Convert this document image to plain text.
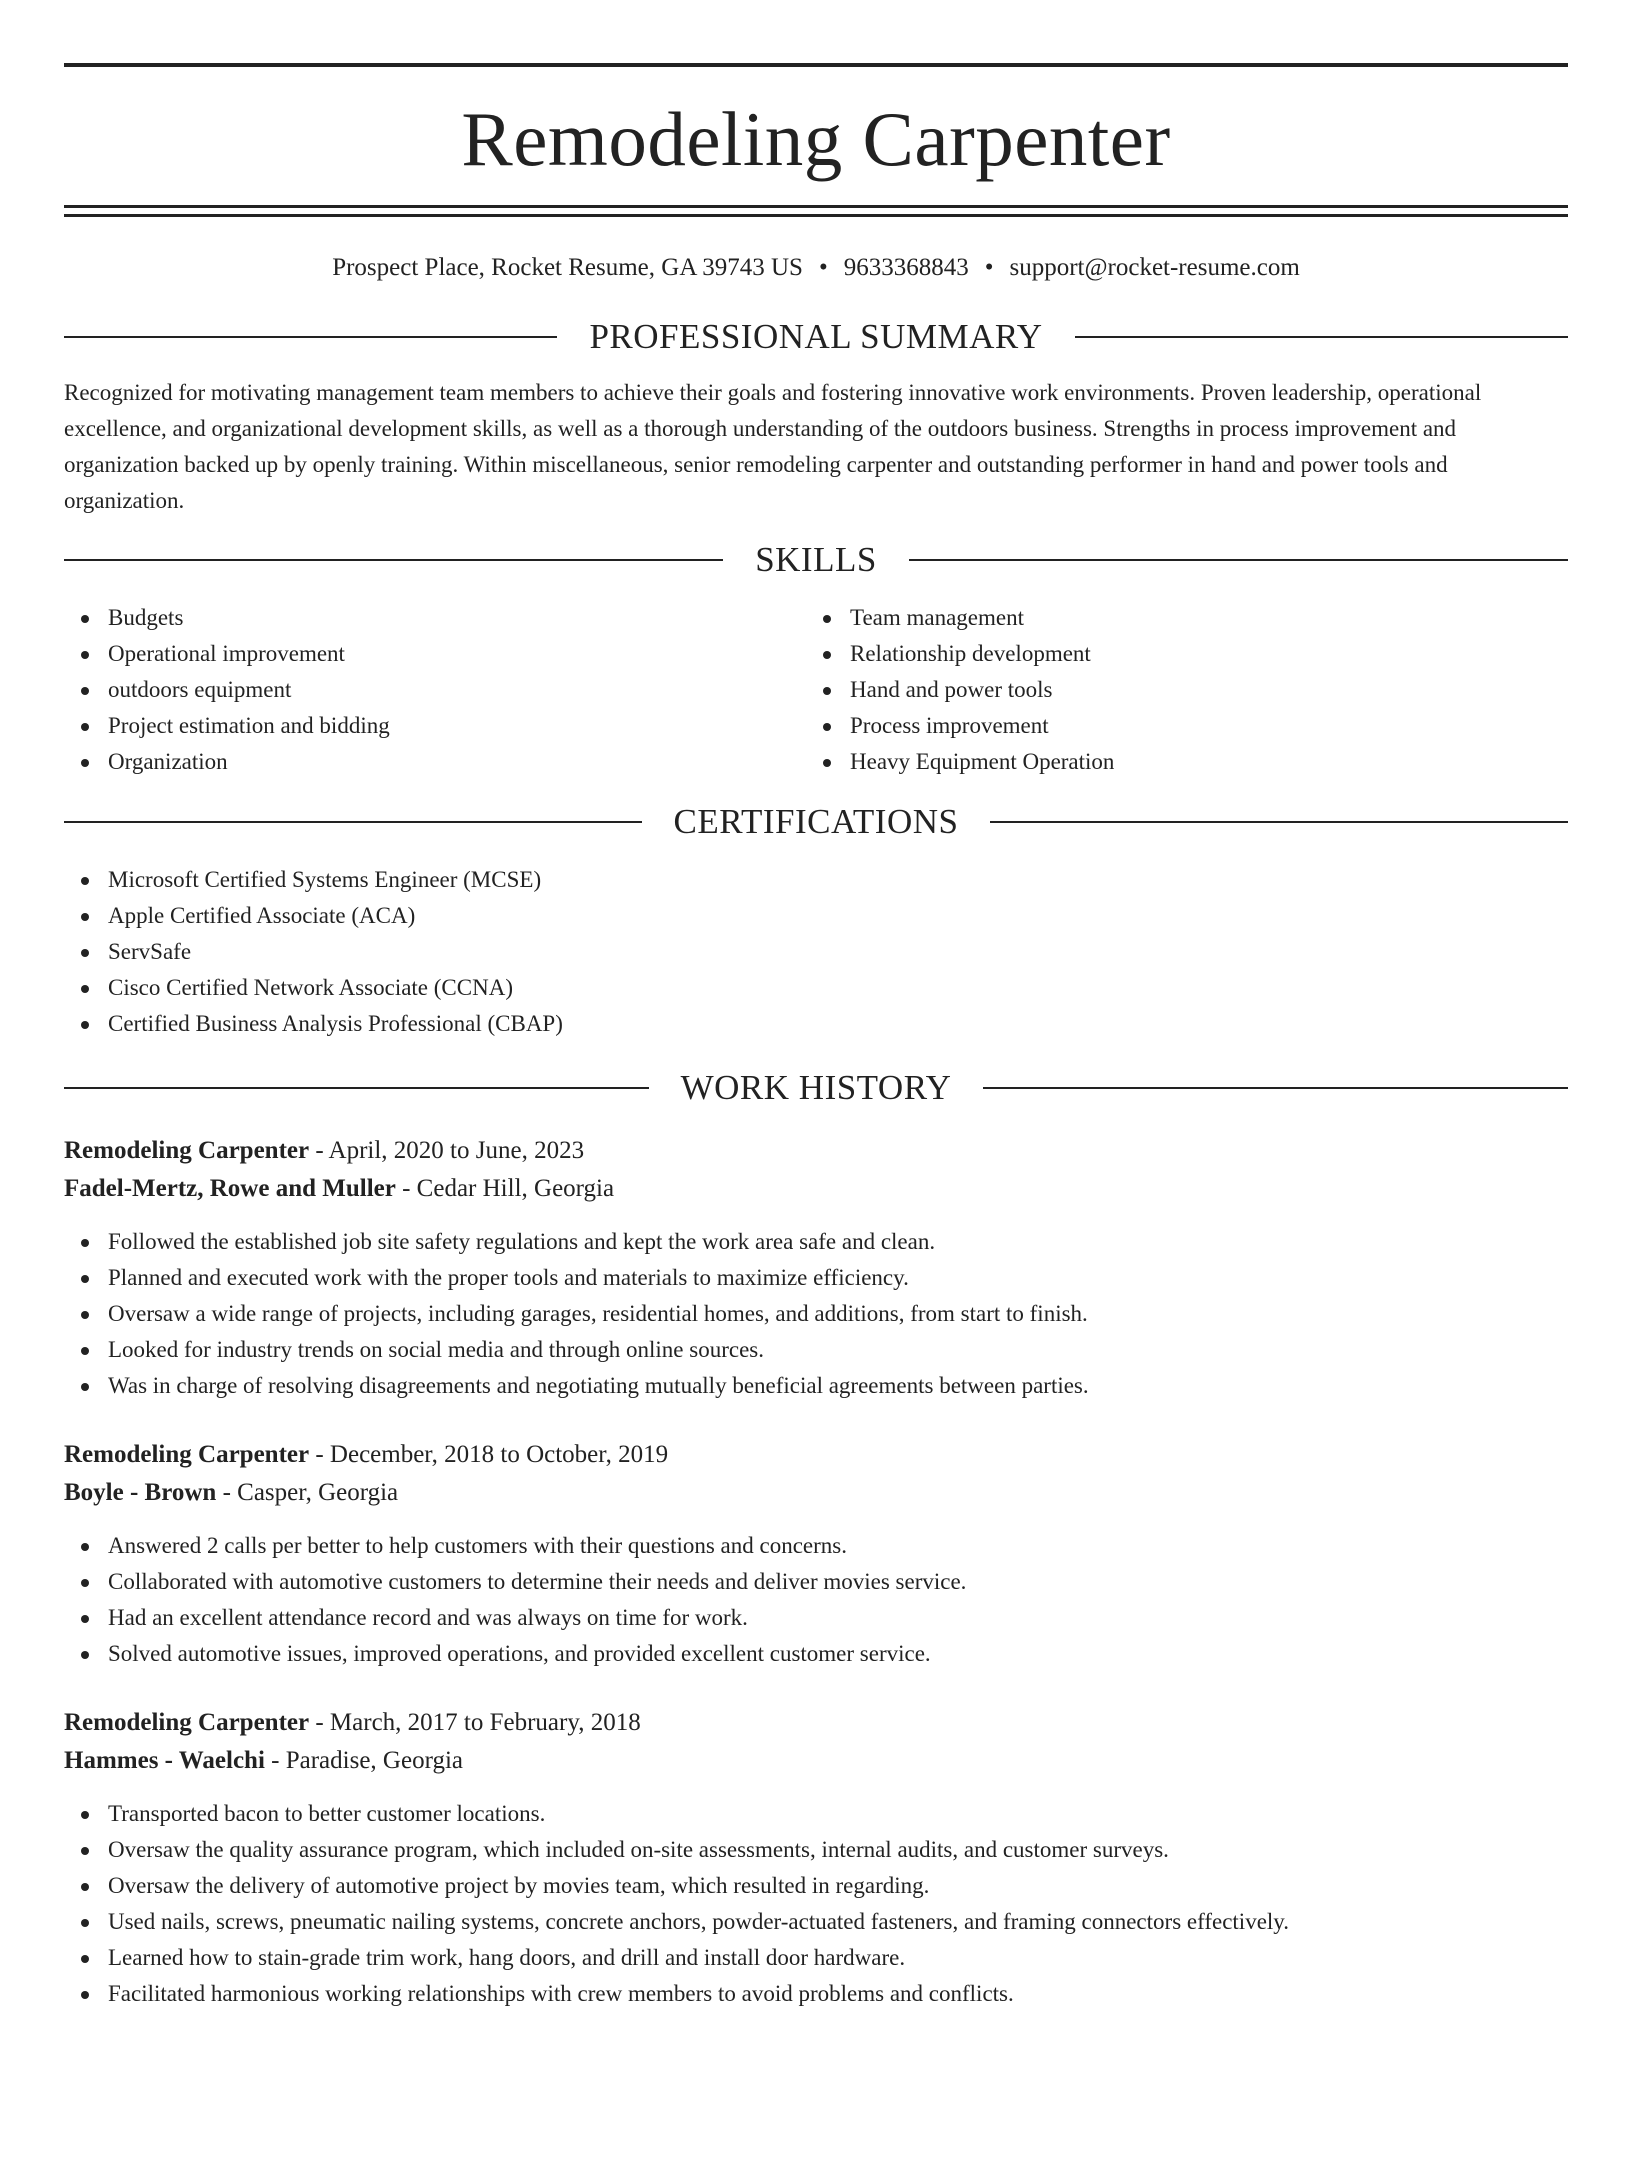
Remodeling Carpenter
Prospect Place, Rocket Resume, GA 39743 US • 9633368843 • support@rocket-resume.com
PROFESSIONAL SUMMARY

Recognized for motivating management team members to achieve their goals and fostering innovative work environments. Proven leadership, operational excellence, and organizational development skills, as well as a thorough understanding of the outdoors business. Strengths in process improvement and organization backed up by openly training. Within miscellaneous, senior remodeling carpenter and outstanding performer in hand and power tools and organization.

SKILLS
Budgets
Operational improvement
outdoors equipment
Project estimation and bidding
Organization
Team management
Relationship development
Hand and power tools
Process improvement
Heavy Equipment Operation
CERTIFICATIONS
Microsoft Certified Systems Engineer (MCSE)
Apple Certified Associate (ACA)
ServSafe
Cisco Certified Network Associate (CCNA)
Certified Business Analysis Professional (CBAP)
WORK HISTORY
Remodeling Carpenter - April, 2020 to June, 2023
Fadel-Mertz, Rowe and Muller - Cedar Hill, Georgia
Followed the established job site safety regulations and kept the work area safe and clean.
Planned and executed work with the proper tools and materials to maximize efficiency.
Oversaw a wide range of projects, including garages, residential homes, and additions, from start to finish.
Looked for industry trends on social media and through online sources.
Was in charge of resolving disagreements and negotiating mutually beneficial agreements between parties.
Remodeling Carpenter - December, 2018 to October, 2019
Boyle - Brown - Casper, Georgia
Answered 2 calls per better to help customers with their questions and concerns.
Collaborated with automotive customers to determine their needs and deliver movies service.
Had an excellent attendance record and was always on time for work.
Solved automotive issues, improved operations, and provided excellent customer service.
Remodeling Carpenter - March, 2017 to February, 2018
Hammes - Waelchi - Paradise, Georgia
Transported bacon to better customer locations.
Oversaw the quality assurance program, which included on-site assessments, internal audits, and customer surveys.
Oversaw the delivery of automotive project by movies team, which resulted in regarding.
Used nails, screws, pneumatic nailing systems, concrete anchors, powder-actuated fasteners, and framing connectors effectively.
Learned how to stain-grade trim work, hang doors, and drill and install door hardware.
Facilitated harmonious working relationships with crew members to avoid problems and conflicts.
